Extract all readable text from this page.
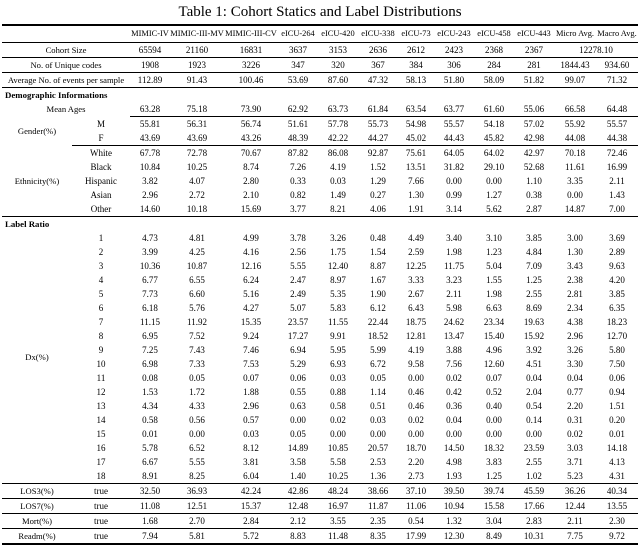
Table 1: Cohort Statics and Label Distributions
		MIMIC-IV	MIMIC-III-MV	MIMIC-III-CV	eICU-264	eICU-420	eICU-338	eICU-73	eICU-243	eICU-458	eICU-443	Micro Avg.	Macro Avg.
Cohort Size		65594	21160	16831	3637	3153	2636	2612	2423	2368	2367	12278.10	
No. of Unique codes		1908	1923	3226	347	320	367	384	306	284	281	1844.43	934.60
Average No. of events per sample		112.89	91.43	100.46	53.69	87.60	47.32	58.13	51.80	58.09	51.82	99.07	71.32
Demographic Informations													
Mean Ages		63.28	75.18	73.90	62.92	63.73	61.84	63.54	63.77	61.60	55.06	66.58	64.48
Gender(%)	M	55.81	56.31	56.74	51.61	57.78	55.73	54.98	55.57	54.18	57.02	55.92	55.57
	F	43.69	43.69	43.26	48.39	42.22	44.27	45.02	44.43	45.82	42.98	44.08	44.38
Ethnicity(%)	White	67.78	72.78	70.67	87.82	86.08	92.87	75.61	64.05	64.02	42.97	70.18	72.46
	Black	10.84	10.25	8.74	7.26	4.19	1.52	13.51	31.82	29.10	52.68	11.61	16.99
	Hispanic	3.82	4.07	2.80	0.33	0.03	1.29	7.66	0.00	0.00	1.10	3.35	2.11
	Asian	2.96	2.72	2.10	0.82	1.49	0.27	1.30	0.99	1.27	0.38	0.00	1.43
	Other	14.60	10.18	15.69	3.77	8.21	4.06	1.91	3.14	5.62	2.87	14.87	7.00
Label Ratio													
Dx(%)	1	4.73	4.81	4.99	3.78	3.26	0.48	4.49	3.40	3.10	3.85	3.00	3.69
	2	3.99	4.25	4.16	2.56	1.75	1.54	2.59	1.98	1.23	4.84	1.30	2.89
	3	10.36	10.87	12.16	5.55	12.40	8.87	12.25	11.75	5.04	7.09	3.43	9.63
	4	6.77	6.55	6.24	2.47	8.97	1.67	3.33	3.23	1.55	1.25	2.38	4.20
	5	7.73	6.60	5.16	2.49	5.35	1.90	2.67	2.11	1.98	2.55	2.81	3.85
	6	6.18	5.76	4.27	5.07	5.83	6.12	6.43	5.98	6.63	8.69	2.34	6.35
	7	11.15	11.92	15.35	23.57	11.55	22.44	18.75	24.62	23.34	19.63	4.38	18.23
	8	6.95	7.52	9.24	17.27	9.91	18.52	12.81	13.47	15.40	15.92	2.96	12.70
	9	7.25	7.43	7.46	6.94	5.95	5.99	4.19	3.88	4.96	3.92	3.26	5.80
	10	6.98	7.33	7.53	5.29	6.93	6.72	9.58	7.56	12.60	4.51	3.30	7.50
	11	0.08	0.05	0.07	0.06	0.03	0.05	0.00	0.02	0.07	0.04	0.04	0.06
	12	1.53	1.72	1.88	0.55	0.88	1.14	0.46	0.42	0.52	2.04	0.77	0.94
	13	4.34	4.33	2.96	0.63	0.58	0.51	0.46	0.36	0.40	0.54	2.20	1.51
	14	0.58	0.56	0.57	0.00	0.02	0.03	0.02	0.04	0.00	0.14	0.31	0.20
	15	0.01	0.00	0.03	0.05	0.00	0.00	0.00	0.00	0.00	0.00	0.02	0.01
	16	5.78	6.52	8.12	14.89	10.85	20.57	18.70	14.50	18.32	23.59	3.03	14.18
	17	6.67	5.55	3.81	3.58	5.58	2.53	2.20	4.98	3.83	2.55	3.71	4.13
	18	8.91	8.25	6.04	1.40	10.25	1.36	2.73	1.93	1.25	1.02	5.23	4.31
LOS3(%)	true	32.50	36.93	42.24	42.86	48.24	38.66	37.10	39.50	39.74	45.59	36.26	40.34
LOS7(%)	true	11.08	12.51	15.37	12.48	16.97	11.87	11.06	10.94	15.58	17.66	12.44	13.55
Mort(%)	true	1.68	2.70	2.84	2.12	3.55	2.35	0.54	1.32	3.04	2.83	2.11	2.30
Readm(%)	true	7.94	5.81	5.72	8.83	11.48	8.35	17.99	12.30	8.49	10.31	7.75	9.72
